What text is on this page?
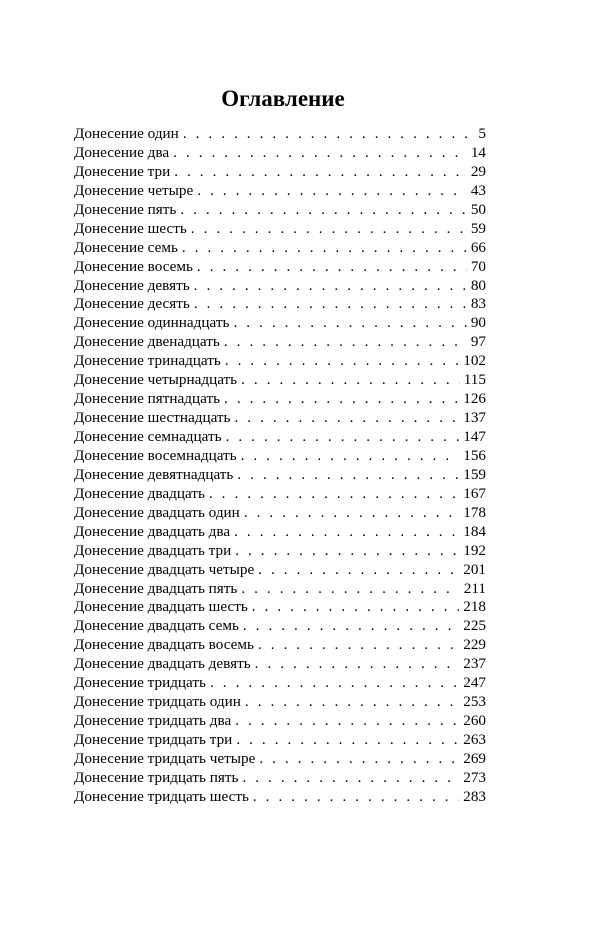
Оглавление
Донесение один . . .	5
Донесение два . . .	14
Донесение три . . .	29
Донесение четыре . . .	43
Донесение пять . . .	50
Донесение шесть . . .	59
Донесение семь . . .	66
Донесение восемь . . .	70
Донесение девять . . .	80
Донесение десять . . .	83
Донесение одиннадцать . . .	90
Донесение двенадцать . . .	97
Донесение тринадцать . . .	102
Донесение четырнадцать . . .	115
Донесение пятнадцать . . .	126
Донесение шестнадцать . . .	137
Донесение семнадцать . . .	147
Донесение восемнадцать . . .	156
Донесение девятнадцать . . .	159
Донесение двадцать . . .	167
Донесение двадцать один . . .	178
Донесение двадцать два . . .	184
Донесение двадцать три . . .	192
Донесение двадцать четыре . . .	201
Донесение двадцать пять . . .	211
Донесение двадцать шесть . . .	218
Донесение двадцать семь . . .	225
Донесение двадцать восемь . . .	229
Донесение двадцать девять . . .	237
Донесение тридцать . . .	247
Донесение тридцать один . . .	253
Донесение тридцать два . . .	260
Донесение тридцать три . . .	263
Донесение тридцать четыре . . .	269
Донесение тридцать пять . . .	273
Донесение тридцать шесть . . .	283
